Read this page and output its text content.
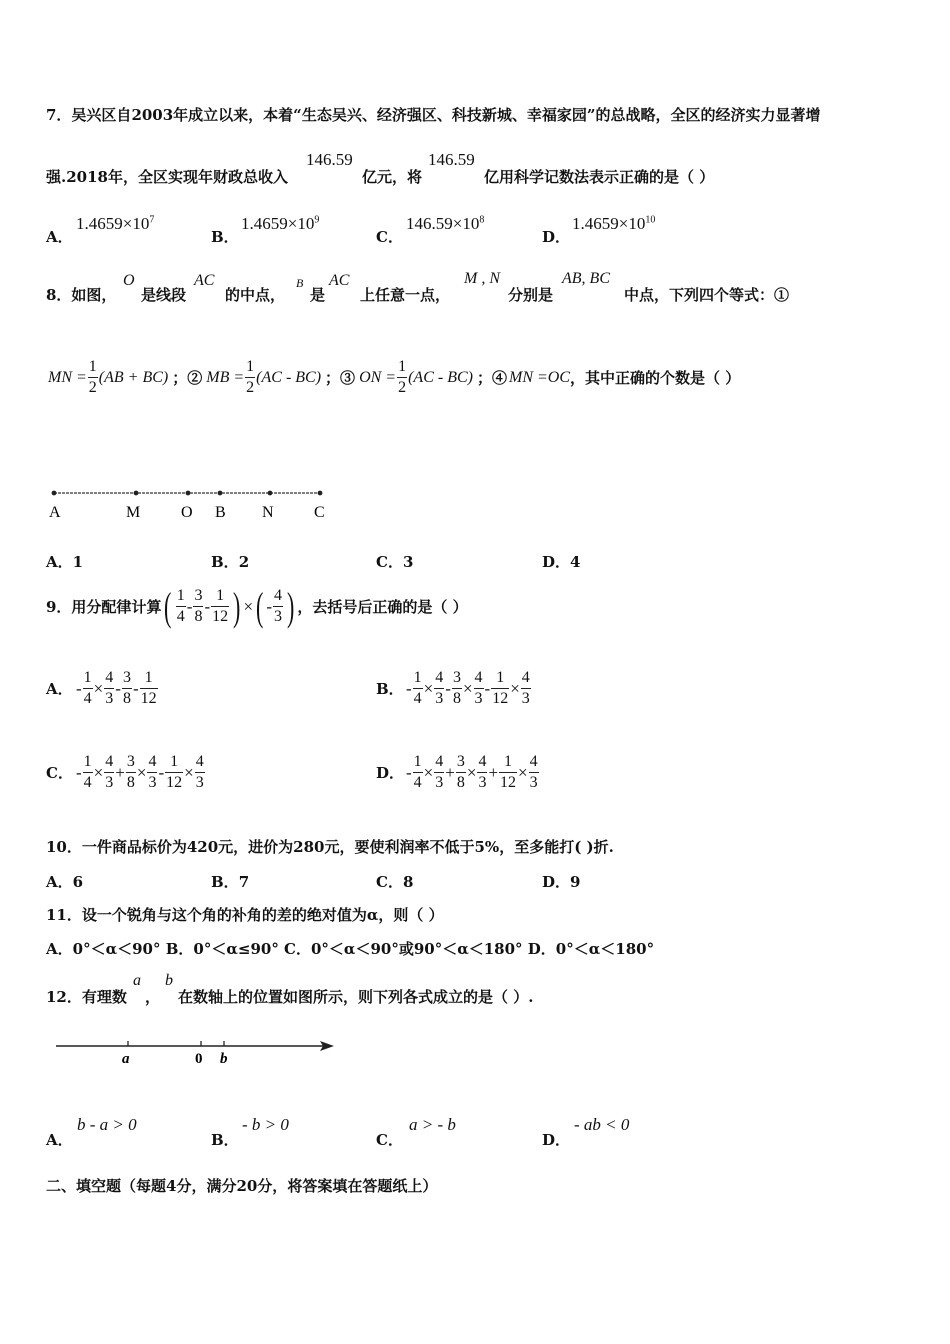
7．吴兴区自2003年成立以来，本着“生态吴兴、经济强区、科技新城、幸福家园”的总战略，全区的经济实力显著增
强.2018年，全区实现年财政总收入
146.59
亿元，将
146.59
亿用科学记数法表示正确的是（ ）
A．
$1.4659\times 10^7$
B．
$1.4659\times 10^9$
C．
$146.59\times 10^8$
D．
$1.4659\times 10^{10}$
8．如图，
O
是线段
AC
的中点，
B
是
AC
上任意一点，
M , N
分别是
AB, BC
中点，下列四个等式：①
MN = $\frac{1}{2} (AB + BC)$ ；② MB = $\frac{1}{2} (AC - BC)$ ；③ ON = $\frac{1}{2} (AC - BC)$ ；④ MN =OC ，其中正确的个数是（ ）
A	M	O B N	C
A．1	B．2	C．3	D．4
9．用分配律计算 ( $\frac{1}{4} - \frac{3}{8} - \frac{1}{12}$ ) × ( - $\frac{4}{3}$ ) ，去括号后正确的是（ ）
A． - $\frac{1}{4} \times \frac{4}{3} - \frac{3}{8} - \frac{1}{12}$	B． - $\frac{1}{4} \times \frac{4}{3} - \frac{3}{8} \times \frac{4}{3} - \frac{1}{12} \times \frac{4}{3}$
C． - $\frac{1}{4} \times \frac{4}{3} + \frac{3}{8} \times \frac{4}{3} - \frac{1}{12} \times \frac{4}{3}$	D． - $\frac{1}{4} \times \frac{4}{3} + \frac{3}{8} \times \frac{4}{3} + \frac{1}{12} \times \frac{4}{3}$
10．一件商品标价为420元，进价为280元，要使利润率不低于5%，至多能打( )折.
A．6	B．7	C．8	D．9
11．设一个锐角与这个角的补角的差的绝对值为α，则（ ）
A．0°＜α＜90° B．0°＜α≤90° C．0°＜α＜90°或90°＜α＜180° D．0°＜α＜180°
12．有理数
a
，
b
在数轴上的位置如图所示，则下列各式成立的是（ ）.
a	0 b
A．
b - a > 0
B．
- b > 0
C．
a > - b
D．
- ab < 0
二、填空题（每题4分，满分20分，将答案填在答题纸上）
